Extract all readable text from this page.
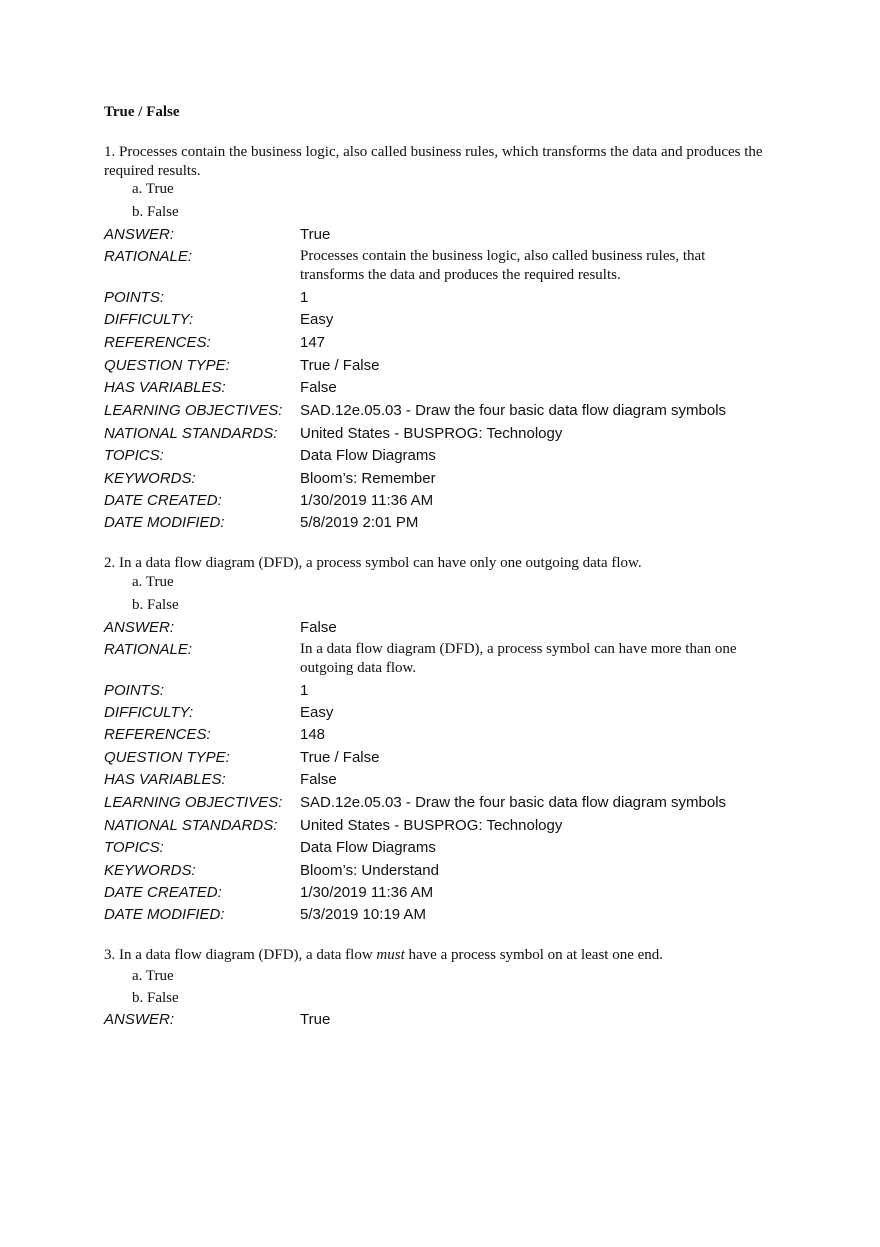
True / False
1. Processes contain the business logic, also called business rules, which transforms the data and produces the required results.
a. True
b. False
ANSWER:	True
RATIONALE:	Processes contain the business logic, also called business rules, that transforms the data and produces the required results.
POINTS:	1
DIFFICULTY:	Easy
REFERENCES:	147
QUESTION TYPE:	True / False
HAS VARIABLES:	False
LEARNING OBJECTIVES: SAD.12e.05.03 - Draw the four basic data flow diagram symbols
NATIONAL STANDARDS: United States - BUSPROG: Technology
TOPICS:	Data Flow Diagrams
KEYWORDS:	Bloom’s: Remember
DATE CREATED:	1/30/2019 11:36 AM
DATE MODIFIED:	5/8/2019 2:01 PM
2. In a data flow diagram (DFD), a process symbol can have only one outgoing data flow.
a. True
b. False
ANSWER:	False
RATIONALE:	In a data flow diagram (DFD), a process symbol can have more than one outgoing data flow.
POINTS:	1
DIFFICULTY:	Easy
REFERENCES:	148
QUESTION TYPE:	True / False
HAS VARIABLES:	False
LEARNING OBJECTIVES: SAD.12e.05.03 - Draw the four basic data flow diagram symbols
NATIONAL STANDARDS: United States - BUSPROG: Technology
TOPICS:	Data Flow Diagrams
KEYWORDS:	Bloom’s: Understand
DATE CREATED:	1/30/2019 11:36 AM
DATE MODIFIED:	5/3/2019 10:19 AM
3. In a data flow diagram (DFD), a data flow must have a process symbol on at least one end.
a. True
b. False
ANSWER:	True
